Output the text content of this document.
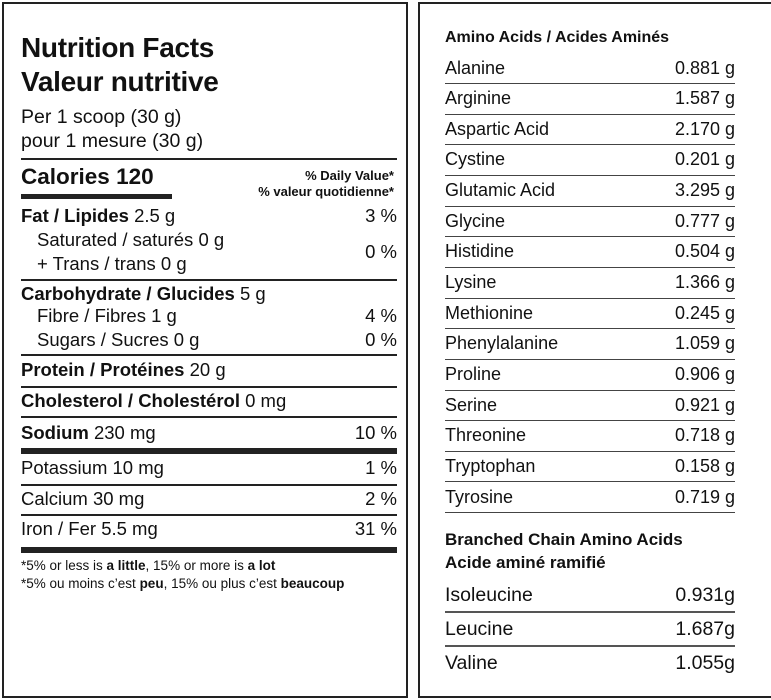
Nutrition Facts
Valeur nutritive
Per 1 scoop (30 g)
pour 1 mesure (30 g)
Calories 120	% Daily Value*
% valeur quotidienne*
Fat / Lipides 2.5 g	3 %
Saturated / saturés 0 g
+ Trans / trans 0 g
0 %
Carbohydrate / Glucides 5 g
Fibre / Fibres 1 g	4 %
Sugars / Sucres 0 g	0 %
Protein / Protéines 20 g
Cholesterol / Cholestérol 0 mg
Sodium 230 mg	10 %
Potassium 10 mg	1 %
Calcium 30 mg	2 %
Iron / Fer 5.5 mg	31 %
*5% or less is a little, 15% or more is a lot
*5% ou moins c’est peu, 15% ou plus c’est beaucoup
Amino Acids / Acides Aminés
Alanine	0.881 g
Arginine	1.587 g
Aspartic Acid	2.170 g
Cystine	0.201 g
Glutamic Acid	3.295 g
Glycine	0.777 g
Histidine	0.504 g
Lysine	1.366 g
Methionine	0.245 g
Phenylalanine	1.059 g
Proline	0.906 g
Serine	0.921 g
Threonine	0.718 g
Tryptophan	0.158 g
Tyrosine	0.719 g
Branched Chain Amino Acids
Acide aminé ramifié
Isoleucine	0.931g
Leucine	1.687g
Valine	1.055g
